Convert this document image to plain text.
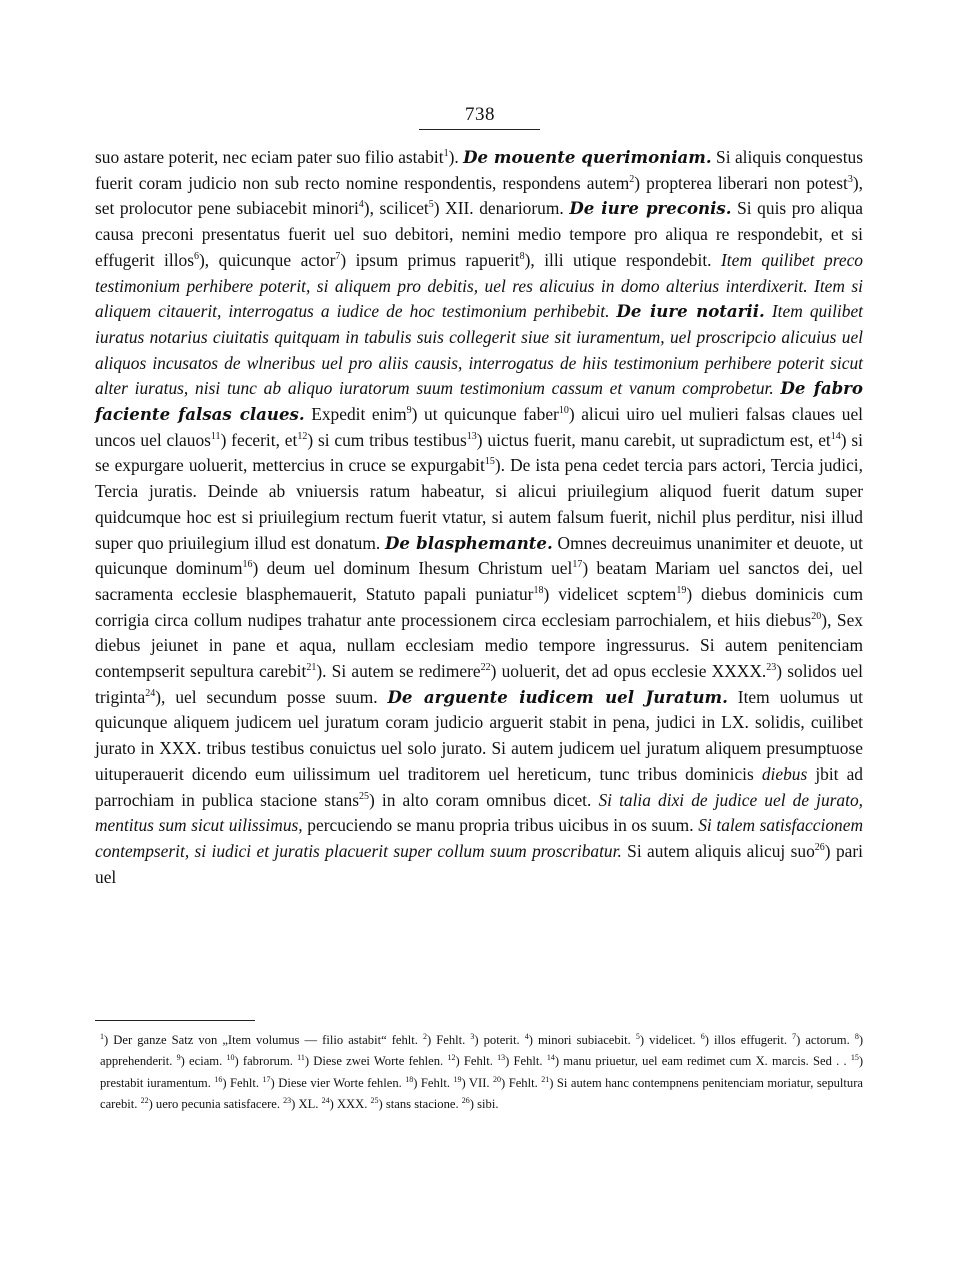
738

suo astare poterit, nec eciam pater suo filio astabit$^1$). De mouente querimoniam. Si aliquis conquestus fuerit coram judicio non sub recto nomine respondentis, respondens autem$^2$) propterea liberari non potest$^3$), set prolocutor pene subiacebit minori$^4$), scilicet$^5$) XII. denariorum. De iure preconis. Si quis pro aliqua causa preconi presentatus fuerit uel suo debitori, nemini medio tempore pro aliqua re respondebit, et si effugerit illos$^6$), quicunque actor$^7$) ipsum primus rapuerit$^8$), illi utique respondebit. Item quilibet preco testimonium perhibere poterit, si aliquem pro debitis, uel res alicuius in domo alterius interdixerit. Item si aliquem citauerit, interrogatus a iudice de hoc testimonium perhibebit. De iure notarii. Item quilibet iuratus notarius ciuitatis quitquam in tabulis suis collegerit siue sit iuramentum, uel proscripcio alicuius uel aliquos incusatos de wlneribus uel pro aliis causis, interrogatus de hiis testimonium perhibere poterit sicut alter iuratus, nisi tunc ab aliquo iuratorum suum testimonium cassum et vanum comprobetur. De fabro faciente falsas claues. Expedit enim$^9$) ut quicunque faber$^{10}$) alicui uiro uel mulieri falsas claues uel uncos uel clauos$^{11}$) fecerit, $et^{12}$) si cum tribus testibus$^{13}$) uictus fuerit, manu carebit, ut supradictum est, $et^{14}$) si se expurgare uoluerit, mettercius in cruce se expurgabit$^{15}$). De ista pena cedet tercia pars actori, Tercia judici, Tercia juratis. Deinde ab vniuersis ratum habeatur, si alicui priuilegium aliquod fuerit datum super quidcumque hoc est si priuilegium rectum fuerit vtatur, si autem falsum fuerit, nichil plus perditur, nisi illud super quo priuilegium illud est donatum. De blasphemante. Omnes decreuimus unanimiter et deuote, ut quicunque dominum$^{16}$) deum uel dominum Ihesum Christum uel$^{17}$) beatam Mariam uel sanctos dei, uel sacramenta ecclesie blasphemauerit, Statuto papali puniatur$^{18}$) videlicet scptem$^{19}$) diebus dominicis cum corrigia circa collum nudipes trahatur ante processionem circa ecclesiam parrochialem, et hiis diebus$^{20}$), Sex diebus jeiunet in pane et aqua, nullam ecclesiam medio tempore ingressurus. Si autem penitenciam contempserit sepultura carebit$^{21}$). Si autem se redimere$^{22}$) uoluerit, det ad opus ecclesie XXXX.$^{23}$) solidos uel triginta$^{24}$), uel secundum posse suum. De arguente iudicem uel Juratum. Item uolumus ut quicunque aliquem judicem uel juratum coram judicio arguerit stabit in pena, judici in LX. solidis, cuilibet jurato in XXX. tribus testibus conuictus uel solo jurato. Si autem judicem uel juratum aliquem presumptuose uituperauerit dicendo eum uilissimum uel traditorem uel hereticum, tunc tribus dominicis diebus jbit ad parrochiam in publica stacione stans$^{25}$) in alto coram omnibus dicet. Si talia dixi de judice uel de jurato, mentitus sum sicut uilissimus, percuciendo se manu propria tribus uicibus in os suum. Si talem satisfaccionem contempserit, si iudici et juratis placuerit super collum suum proscribatur. Si autem aliquis alicuj suo$^{26}$) pari uel

$^1$) Der ganze Satz von „Item volumus — filio astabit“ fehlt. $^2$) Fehlt. $^3$) poterit. $^4$) minori subiacebit. $^5$) videlicet. $^6$) illos effugerit. $^7$) actorum. $^8$) apprehenderit. $^9$) eciam. $^{10}$) fabrorum. $^{11}$) Diese zwei Worte fehlen. $^{12}$) Fehlt. $^{13}$) Fehlt. $^{14}$) manu priuetur, uel eam redimet cum X. marcis. Sed . . $^{15}$) prestabit iuramentum. $^{16}$) Fehlt. $^{17}$) Diese vier Worte fehlen. $^{18}$) Fehlt. $^{19}$) VII. $^{20}$) Fehlt. $^{21}$) Si autem hanc contempnens penitenciam moriatur, sepultura carebit. $^{22}$) uero pecunia satisfacere. $^{23}$) XL. $^{24}$) XXX. $^{25}$) stans stacione. $^{26}$) sibi.
